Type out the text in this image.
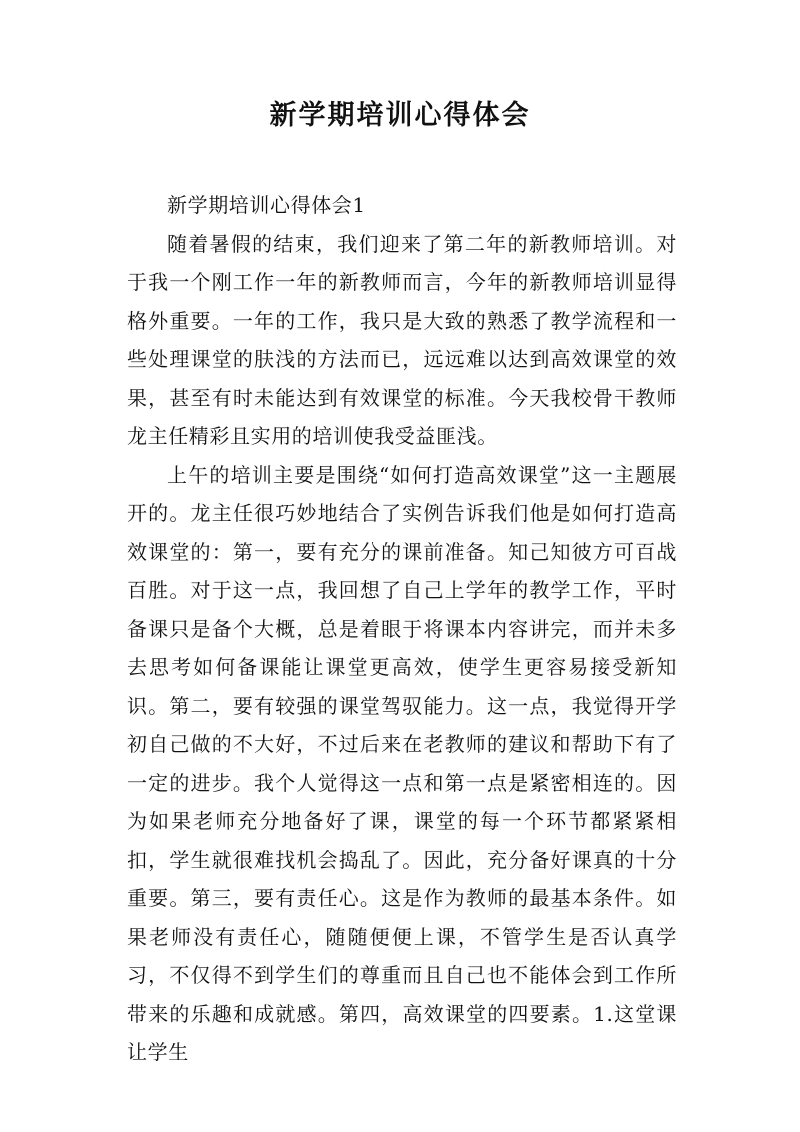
新学期培训心得体会

新学期培训心得体会1

随着暑假的结束，我们迎来了第二年的新教师培训。对于我一个刚工作一年的新教师而言，今年的新教师培训显得格外重要。一年的工作，我只是大致的熟悉了教学流程和一些处理课堂的肤浅的方法而已，远远难以达到高效课堂的效果，甚至有时未能达到有效课堂的标准。今天我校骨干教师龙主任精彩且实用的培训使我受益匪浅。

上午的培训主要是围绕“如何打造高效课堂”这一主题展开的。龙主任很巧妙地结合了实例告诉我们他是如何打造高效课堂的：第一，要有充分的课前准备。知己知彼方可百战百胜。对于这一点，我回想了自己上学年的教学工作，平时备课只是备个大概，总是着眼于将课本内容讲完，而并未多去思考如何备课能让课堂更高效，使学生更容易接受新知识。第二，要有较强的课堂驾驭能力。这一点，我觉得开学初自己做的不大好，不过后来在老教师的建议和帮助下有了一定的进步。我个人觉得这一点和第一点是紧密相连的。因为如果老师充分地备好了课，课堂的每一个环节都紧紧相扣，学生就很难找机会捣乱了。因此，充分备好课真的十分重要。第三，要有责任心。这是作为教师的最基本条件。如果老师没有责任心，随随便便上课，不管学生是否认真学习，不仅得不到学生们的尊重而且自己也不能体会到工作所带来的乐趣和成就感。第四，高效课堂的四要素。1.这堂课让学生
